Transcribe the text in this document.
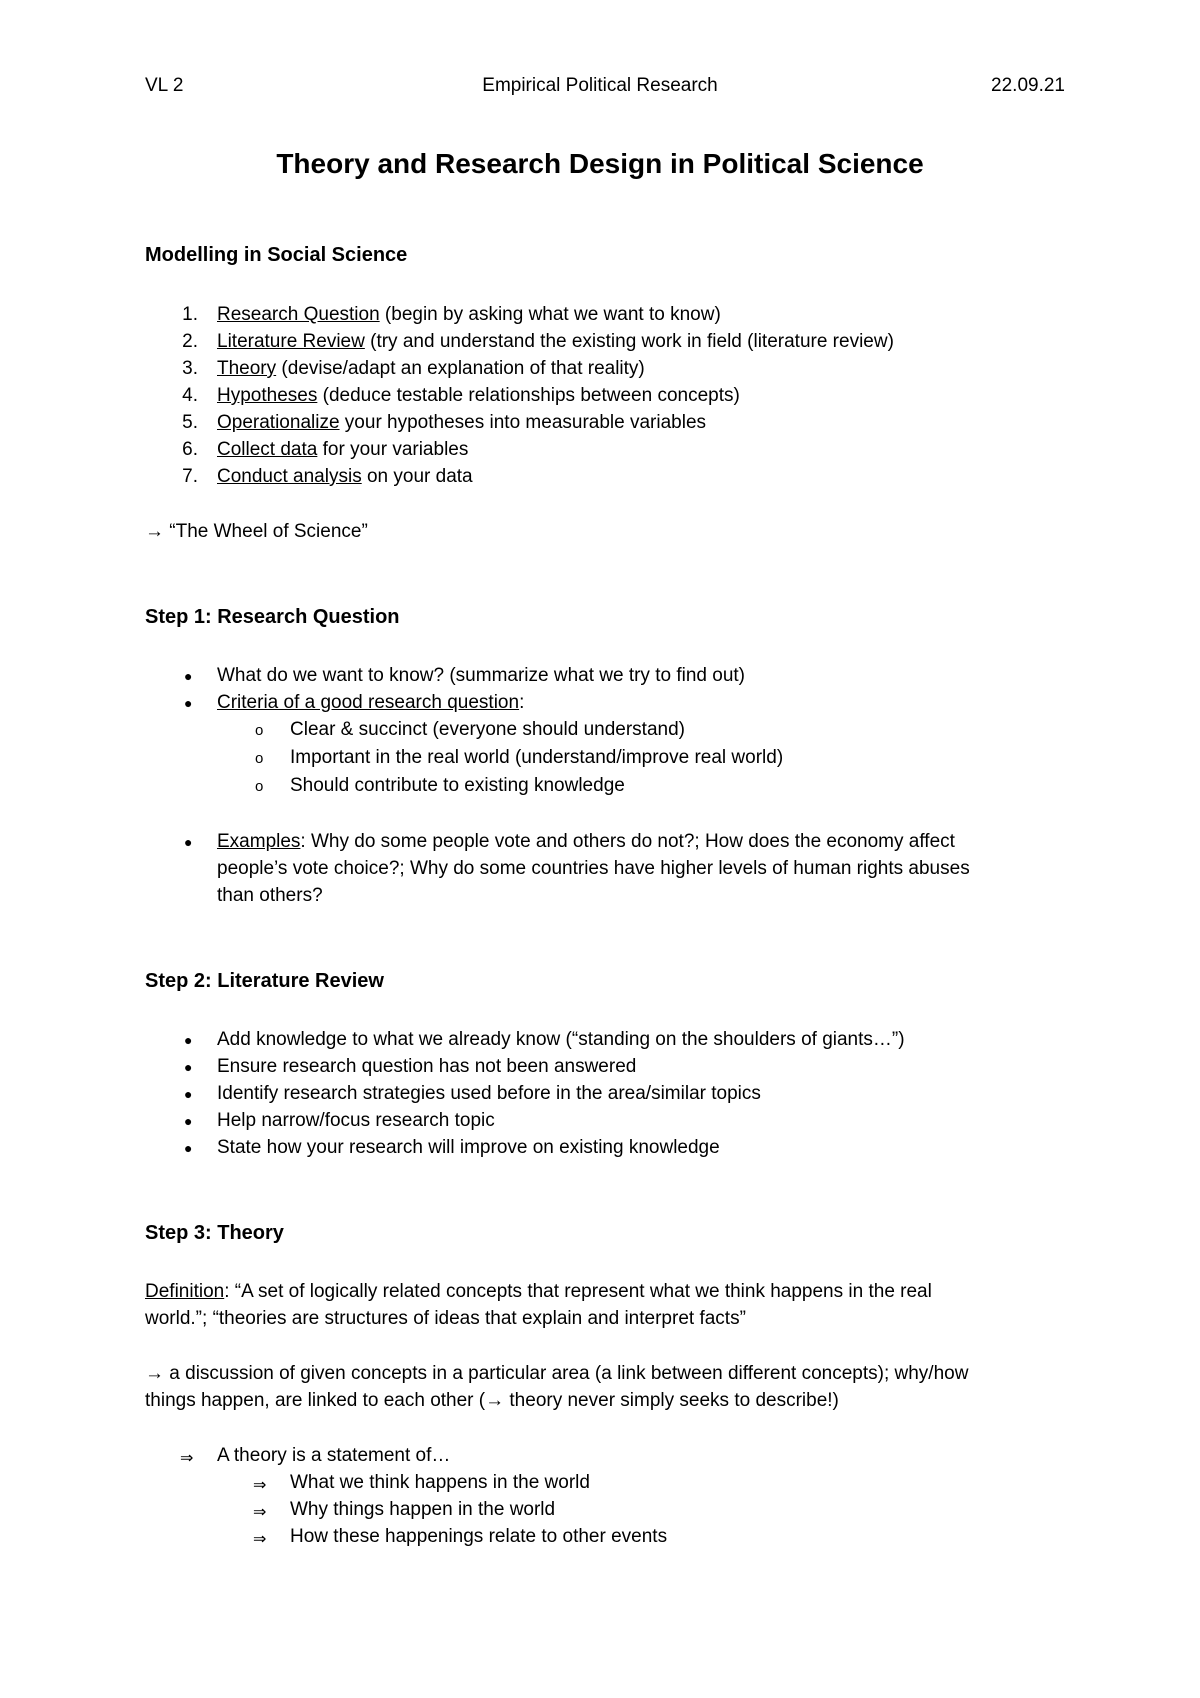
VL 2	Empirical Political Research	22.09.21
Theory and Research Design in Political Science
Modelling in Social Science
1. Research Question (begin by asking what we want to know)
2. Literature Review (try and understand the existing work in field (literature review)
3. Theory (devise/adapt an explanation of that reality)
4. Hypotheses (deduce testable relationships between concepts)
5. Operationalize your hypotheses into measurable variables
6. Collect data for your variables
7. Conduct analysis on your data
→ “The Wheel of Science”
Step 1: Research Question
● What do we want to know? (summarize what we try to find out)
● Criteria of a good research question:
o Clear & succinct (everyone should understand)
o Important in the real world (understand/improve real world)
o Should contribute to existing knowledge
● Examples: Why do some people vote and others do not?; How does the economy affect
people’s vote choice?; Why do some countries have higher levels of human rights abuses
than others?
Step 2: Literature Review
● Add knowledge to what we already know (“standing on the shoulders of giants…”)
● Ensure research question has not been answered
● Identify research strategies used before in the area/similar topics
● Help narrow/focus research topic
● State how your research will improve on existing knowledge
Step 3: Theory
Definition: “A set of logically related concepts that represent what we think happens in the real
world.”; “theories are structures of ideas that explain and interpret facts”
→ a discussion of given concepts in a particular area (a link between different concepts); why/how
things happen, are linked to each other (→ theory never simply seeks to describe!)
⇒ A theory is a statement of…
⇒ What we think happens in the world
⇒ Why things happen in the world
⇒ How these happenings relate to other events
